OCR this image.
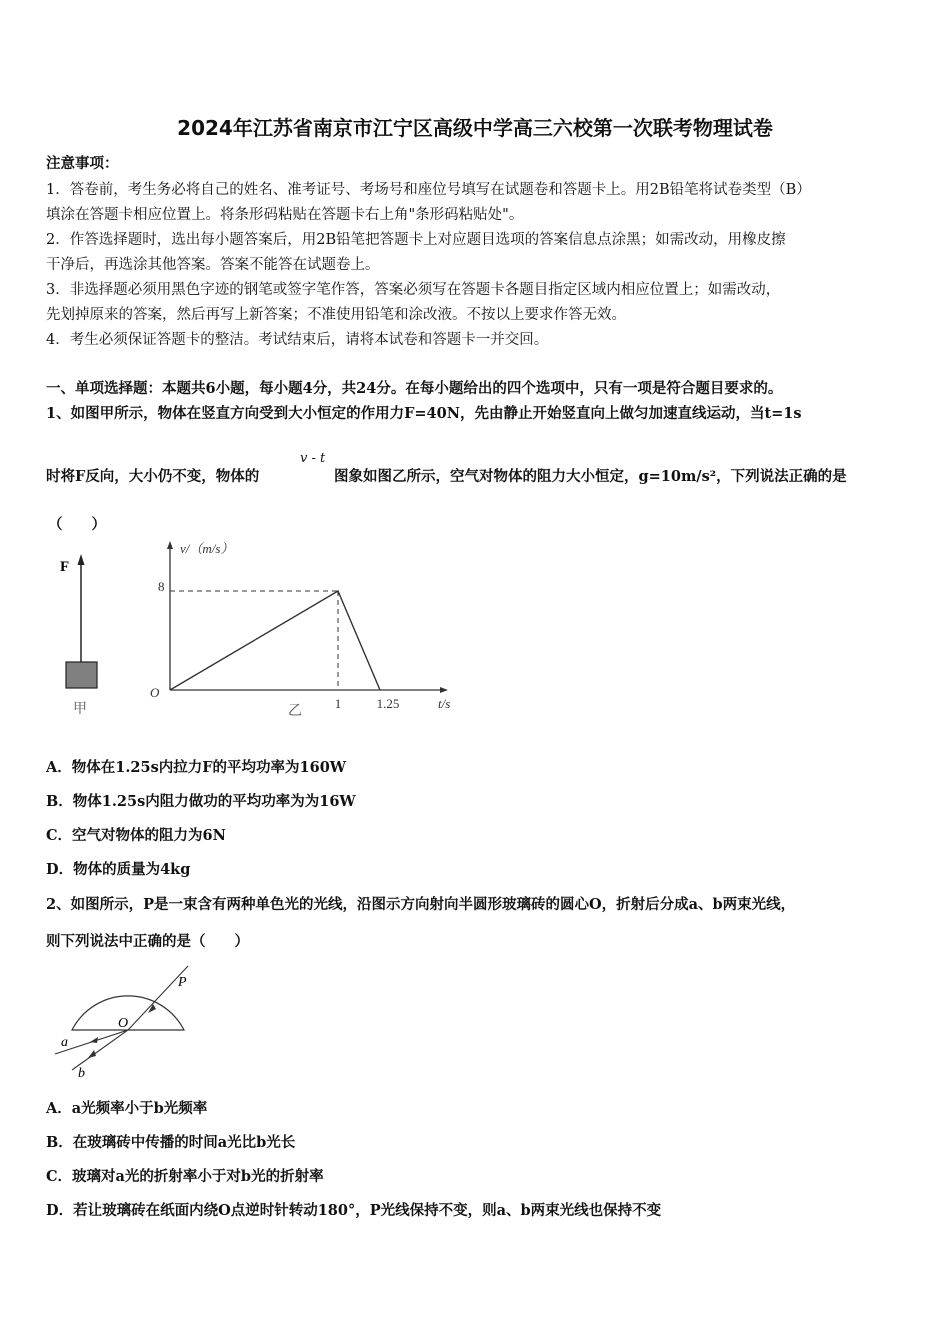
2024年江苏省南京市江宁区高级中学高三六校第一次联考物理试卷
注意事项：
1．答卷前，考生务必将自己的姓名、准考证号、考场号和座位号填写在试题卷和答题卡上。用2B铅笔将试卷类型（B）
填涂在答题卡相应位置上。将条形码粘贴在答题卡右上角"条形码粘贴处"。
2．作答选择题时，选出每小题答案后，用2B铅笔把答题卡上对应题目选项的答案信息点涂黑；如需改动，用橡皮擦
干净后，再选涂其他答案。答案不能答在试题卷上。
3．非选择题必须用黑色字迹的钢笔或签字笔作答，答案必须写在答题卡各题目指定区域内相应位置上；如需改动，
先划掉原来的答案，然后再写上新答案；不准使用铅笔和涂改液。不按以上要求作答无效。
4．考生必须保证答题卡的整洁。考试结束后，请将本试卷和答题卡一并交回。
一、单项选择题：本题共6小题，每小题4分，共24分。在每小题给出的四个选项中，只有一项是符合题目要求的。
1、如图甲所示，物体在竖直方向受到大小恒定的作用力F=40N，先由静止开始竖直向上做匀加速直线运动，当t=1s
时将F反向，大小仍不变，物体的
v - t
图象如图乙所示，空气对物体的阻力大小恒定，g=10m/s²，下列说法正确的是
（　　）
F
甲
v/（m/s）
t/s
O
8
1	1.25
乙
A．物体在1.25s内拉力F的平均功率为160W
B．物体1.25s内阻力做功的平均功率为为16W
C．空气对物体的阻力为6N
D．物体的质量为4kg
2、如图所示，P是一束含有两种单色光的光线，沿图示方向射向半圆形玻璃砖的圆心O，折射后分成a、b两束光线，
则下列说法中正确的是（　　）
P
O
a
b
A．a光频率小于b光频率
B．在玻璃砖中传播的时间a光比b光长
C．玻璃对a光的折射率小于对b光的折射率
D．若让玻璃砖在纸面内绕O点逆时针转动180°，P光线保持不变，则a、b两束光线也保持不变
